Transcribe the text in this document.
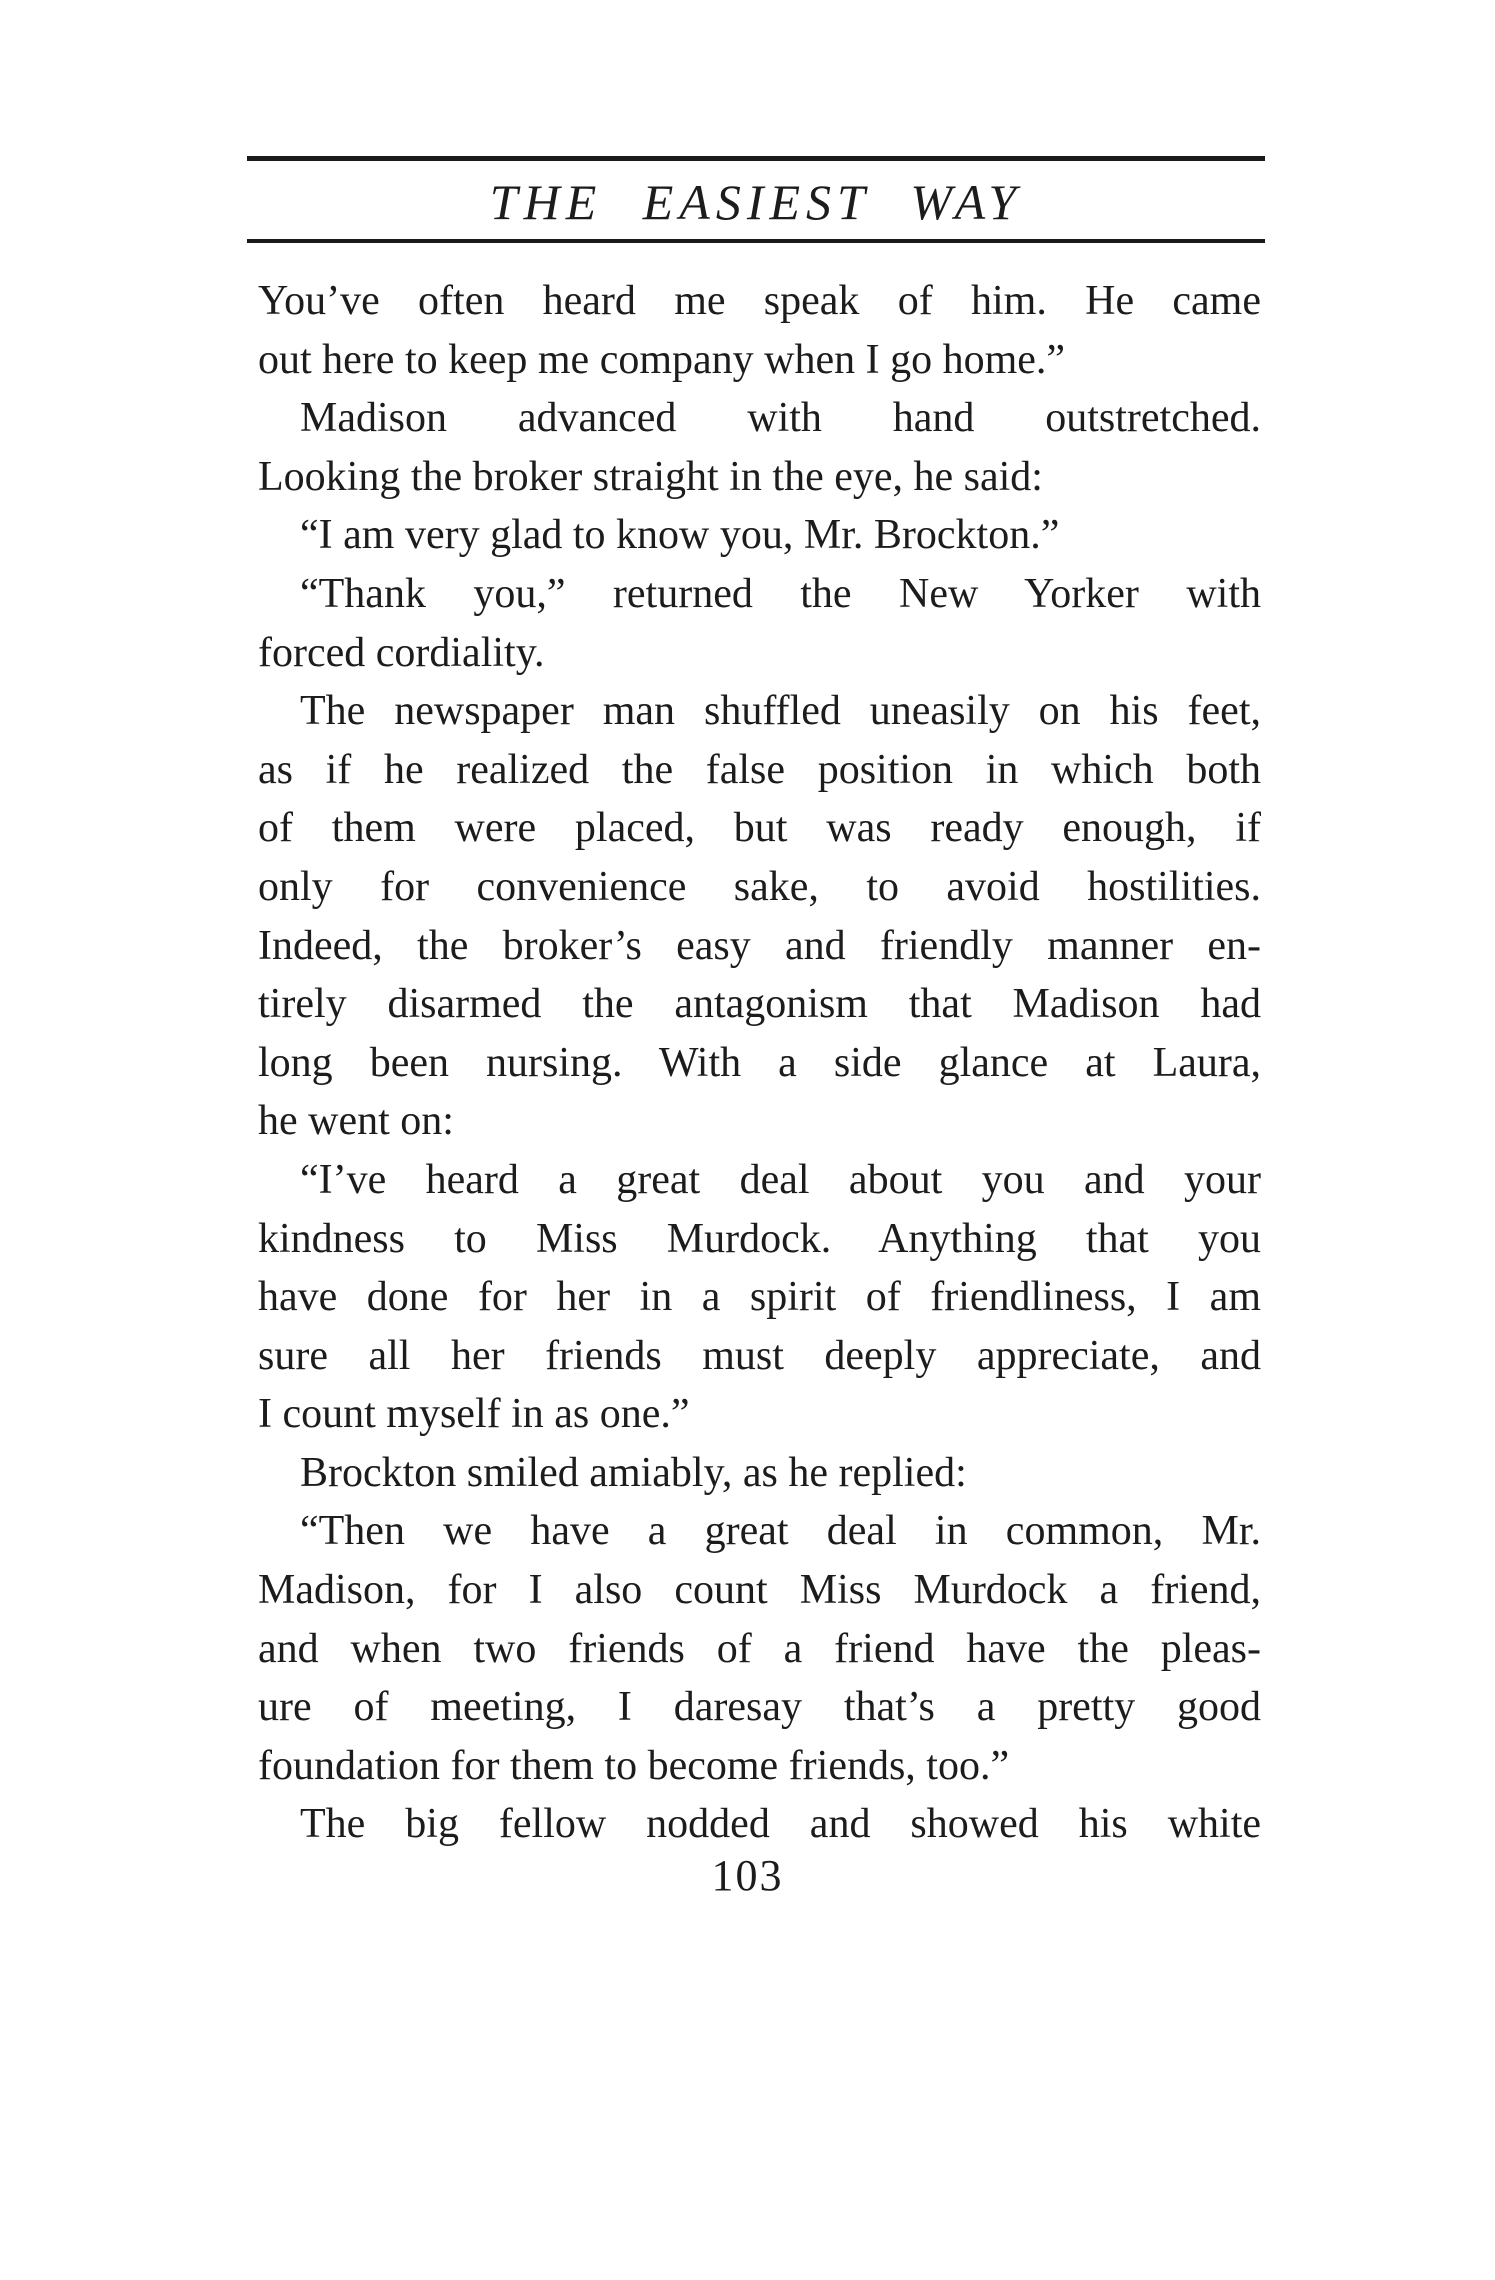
THE EASIEST WAY
You’ve often heard me speak of him. He came
out here to keep me company when I go home.”
Madison advanced with hand outstretched.
Looking the broker straight in the eye, he said:
“I am very glad to know you, Mr. Brockton.”
“Thank you,” returned the New Yorker with
forced cordiality.
The newspaper man shuffled uneasily on his feet,
as if he realized the false position in which both
of them were placed, but was ready enough, if
only for convenience sake, to avoid hostilities.
Indeed, the broker’s easy and friendly manner en-
tirely disarmed the antagonism that Madison had
long been nursing. With a side glance at Laura,
he went on:
“I’ve heard a great deal about you and your
kindness to Miss Murdock. Anything that you
have done for her in a spirit of friendliness, I am
sure all her friends must deeply appreciate, and
I count myself in as one.”
Brockton smiled amiably, as he replied:
“Then we have a great deal in common, Mr.
Madison, for I also count Miss Murdock a friend,
and when two friends of a friend have the pleas-
ure of meeting, I daresay that’s a pretty good
foundation for them to become friends, too.”
The big fellow nodded and showed his white
103
